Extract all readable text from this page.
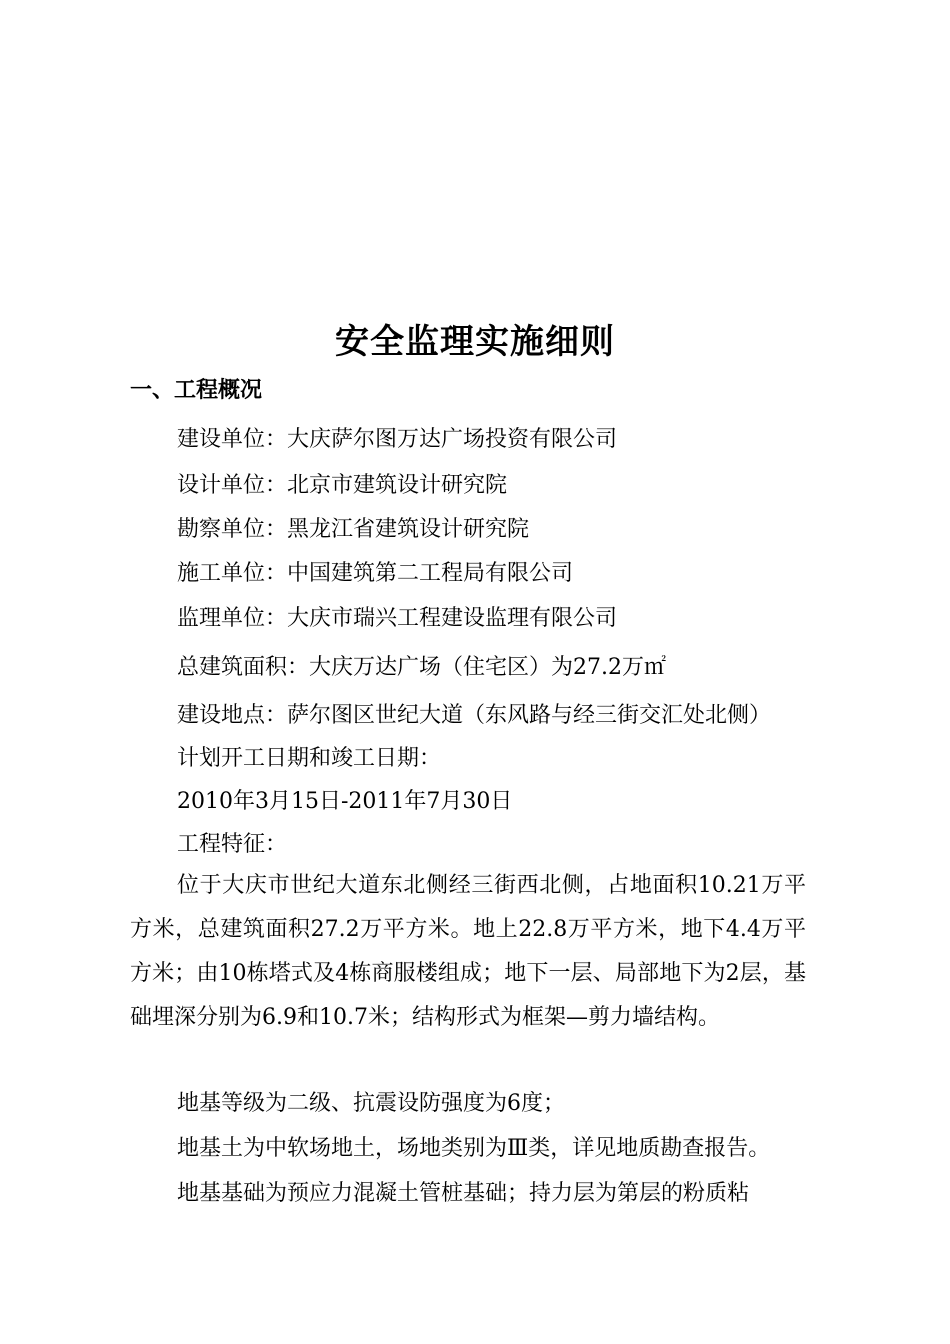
安全监理实施细则
一、工程概况

建设单位：大庆萨尔图万达广场投资有限公司

设计单位：北京市建筑设计研究院

勘察单位：黑龙江省建筑设计研究院

施工单位：中国建筑第二工程局有限公司

监理单位：大庆市瑞兴工程建设监理有限公司

总建筑面积：大庆万达广场（住宅区）为27.2万㎡

建设地点：萨尔图区世纪大道（东风路与经三街交汇处北侧）

计划开工日期和竣工日期：

2010年3月15日-2011年7月30日

工程特征：

位于大庆市世纪大道东北侧经三街西北侧，占地面积10.21万平方米，总建筑面积27.2万平方米。地上22.8万平方米，地下4.4万平方米；由10栋塔式及4栋商服楼组成；地下一层、局部地下为2层，基础埋深分别为6.9和10.7米；结构形式为框架—剪力墙结构。

地基等级为二级、抗震设防强度为6度；

地基土为中软场地土，场地类别为Ⅲ类，详见地质勘查报告。

地基基础为预应力混凝土管桩基础；持力层为第层的粉质粘
